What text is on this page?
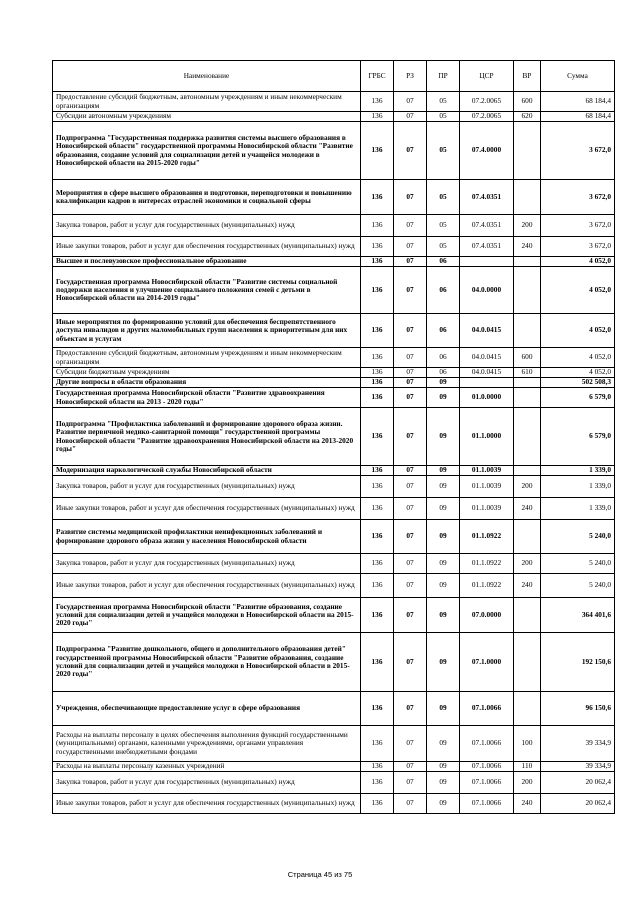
Наименование	ГРБС	РЗ	ПР	ЦСР	ВР	Сумма
Предоставление субсидий бюджетным, автономным учреждениям и иным некоммерческим организациям	136	07	05	07.2.0065	600	68 184,4
Субсидии автономным учреждениям	136	07	05	07.2.0065	620	68 184,4
Подпрограмма "Государственная поддержка развития системы высшего образования в Новосибирской области" государственной программы Новосибирской области "Развитие образования, создание условий для социализации детей и учащейся молодежи в Новосибирской области на 2015-2020 годы"	136	07	05	07.4.0000		3 672,0
Мероприятия в сфере высшего образования и подготовки, переподготовки и повышению квалификации кадров в интересах отраслей экономики и социальной сферы	136	07	05	07.4.0351		3 672,0
Закупка товаров, работ и услуг для государственных (муниципальных) нужд	136	07	05	07.4.0351	200	3 672,0
Иные закупки товаров, работ и услуг для обеспечения государственных (муниципальных) нужд	136	07	05	07.4.0351	240	3 672,0
Высшее и послевузовское профессиональное образование	136	07	06			4 052,0
Государственная программа Новосибирской области "Развитие системы социальной поддержки населения и улучшение социального положения семей с детьми в Новосибирской области на 2014-2019 годы"	136	07	06	04.0.0000		4 052,0
Иные мероприятия по формированию условий для обеспечения беспрепятственного доступа инвалидов и других маломобильных групп населения к приоритетным для них объектам и услугам	136	07	06	04.0.0415		4 052,0
Предоставление субсидий бюджетным, автономным учреждениям и иным некоммерческим организациям	136	07	06	04.0.0415	600	4 052,0
Субсидии бюджетным учреждениям	136	07	06	04.0.0415	610	4 052,0
Другие вопросы в области образования	136	07	09			502 508,3
Государственная программа Новосибирской области "Развитие здравоохранения Новосибирской области на 2013 - 2020 годы"	136	07	09	01.0.0000		6 579,0
Подпрограмма "Профилактика заболеваний и формирование здорового образа жизни. Развитие первичной медико-санитарной помощи" государственной программы Новосибирской области "Развитие здравоохранения Новосибирской области на 2013-2020 годы"	136	07	09	01.1.0000		6 579,0
Модернизация наркологической службы Новосибирской области	136	07	09	01.1.0039		1 339,0
Закупка товаров, работ и услуг для государственных (муниципальных) нужд	136	07	09	01.1.0039	200	1 339,0
Иные закупки товаров, работ и услуг для обеспечения государственных (муниципальных) нужд	136	07	09	01.1.0039	240	1 339,0
Развитие системы медицинской профилактики неинфекционных заболеваний и формирование здорового образа жизни у населения Новосибирской области	136	07	09	01.1.0922		5 240,0
Закупка товаров, работ и услуг для государственных (муниципальных) нужд	136	07	09	01.1.0922	200	5 240,0
Иные закупки товаров, работ и услуг для обеспечения государственных (муниципальных) нужд	136	07	09	01.1.0922	240	5 240,0
Государственная программа Новосибирской области "Развитие образования, создание условий для социализации детей и учащейся молодежи в Новосибирской области на 2015-2020 годы"	136	07	09	07.0.0000		364 401,6
Подпрограмма "Развитие дошкольного, общего и дополнительного образования детей" государственной программы Новосибирской области "Развитие образования, создание условий для социализации детей и учащейся молодежи в Новосибирской области в 2015-2020 годы"	136	07	09	07.1.0000		192 150,6
Учреждения, обеспечивающие предоставление услуг в сфере образования	136	07	09	07.1.0066		96 150,6
Расходы на выплаты персоналу в целях обеспечения выполнения функций государственными (муниципальными) органами, казенными учреждениями, органами управления государственными внебюджетными фондами	136	07	09	07.1.0066	100	39 334,9
Расходы на выплаты персоналу казенных учреждений	136	07	09	07.1.0066	110	39 334,9
Закупка товаров, работ и услуг для государственных (муниципальных) нужд	136	07	09	07.1.0066	200	20 062,4
Иные закупки товаров, работ и услуг для обеспечения государственных (муниципальных) нужд	136	07	09	07.1.0066	240	20 062,4
Страница 45 из 75
